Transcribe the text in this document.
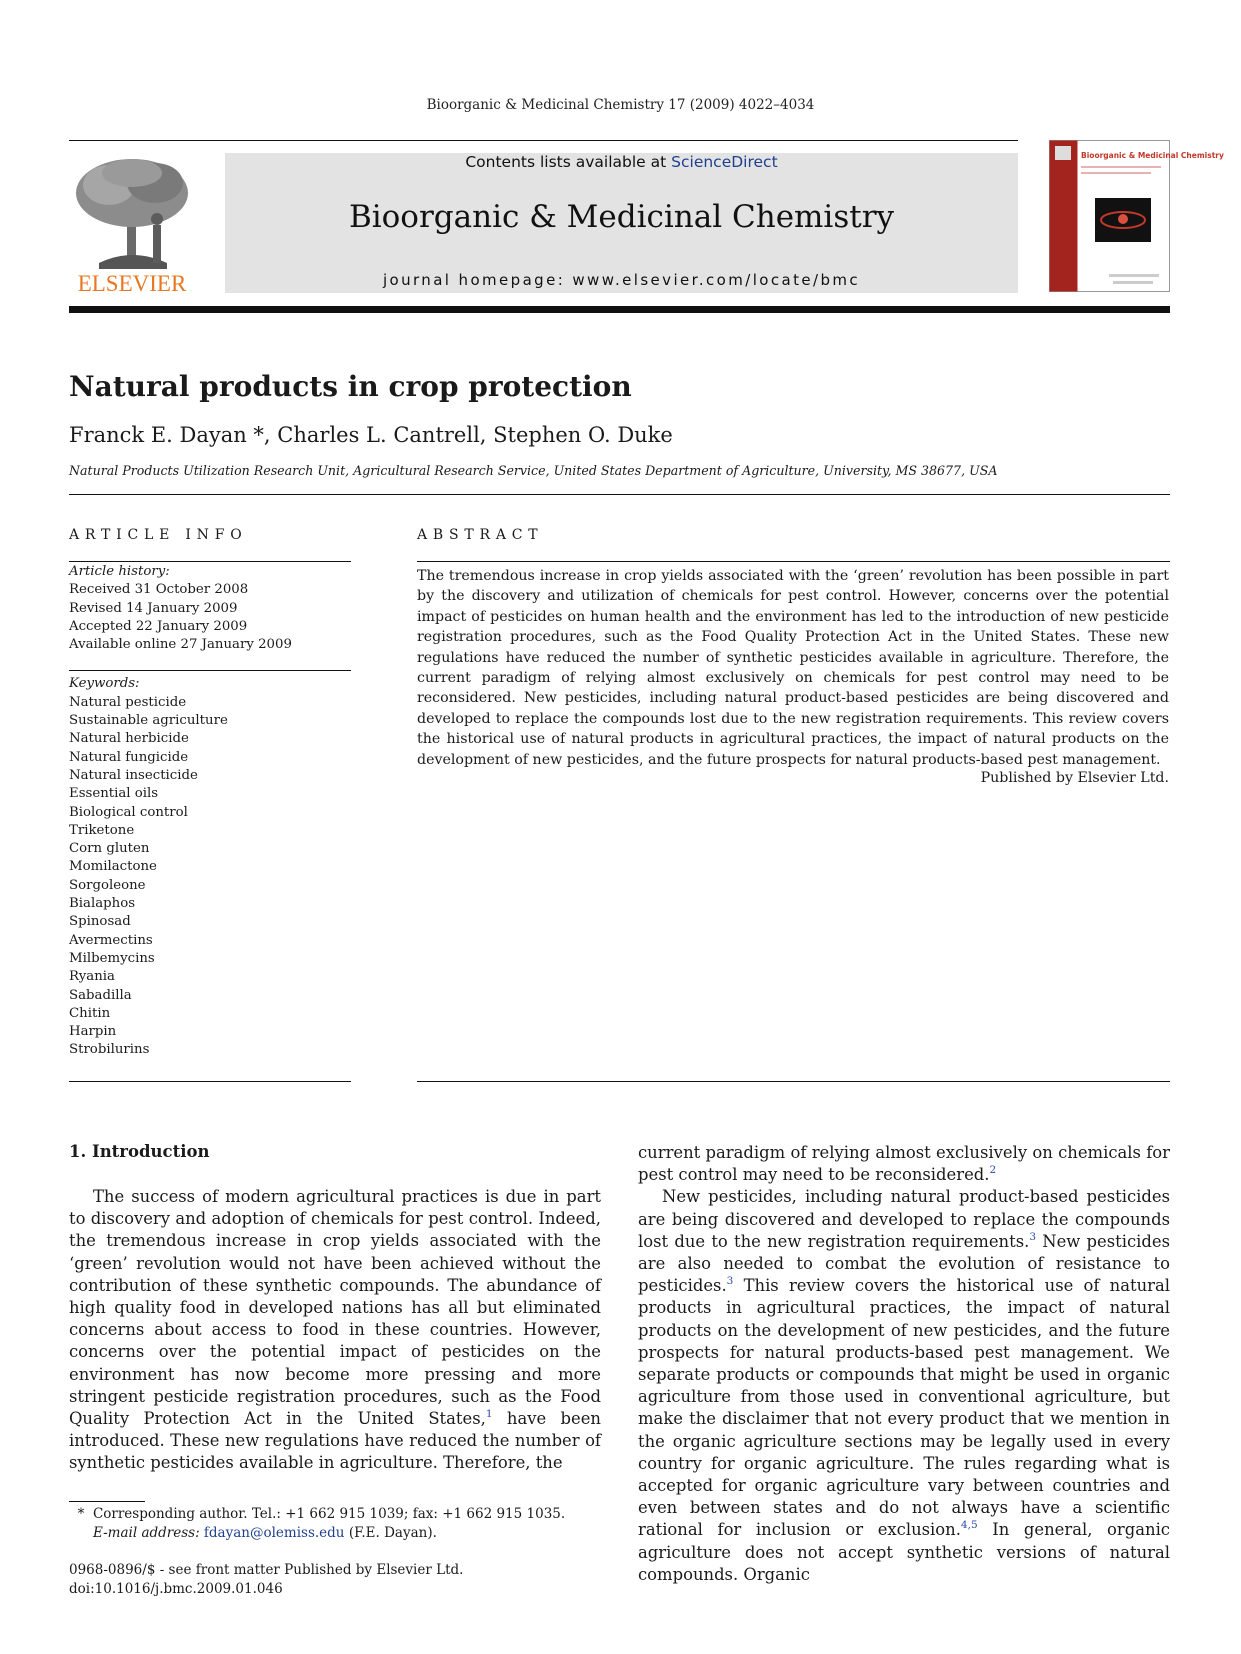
Bioorganic & Medicinal Chemistry 17 (2009) 4022–4034
ELSEVIER
Contents lists available at ScienceDirect
Bioorganic & Medicinal Chemistry
journal homepage: www.elsevier.com/locate/bmc
Bioorganic & Medicinal Chemistry
Natural products in crop protection
Franck E. Dayan *, Charles L. Cantrell, Stephen O. Duke
Natural Products Utilization Research Unit, Agricultural Research Service, United States Department of Agriculture, University, MS 38677, USA
ARTICLE INFO
Article history:
Received 31 October 2008
Revised 14 January 2009
Accepted 22 January 2009
Available online 27 January 2009
Keywords:
Natural pesticide
Sustainable agriculture
Natural herbicide
Natural fungicide
Natural insecticide
Essential oils
Biological control
Triketone
Corn gluten
Momilactone
Sorgoleone
Bialaphos
Spinosad
Avermectins
Milbemycins
Ryania
Sabadilla
Chitin
Harpin
Strobilurins
ABSTRACT
The tremendous increase in crop yields associated with the ‘green’ revolution has been possible in part by the discovery and utilization of chemicals for pest control. However, concerns over the potential impact of pesticides on human health and the environment has led to the introduction of new pesticide registration procedures, such as the Food Quality Protection Act in the United States. These new regulations have reduced the number of synthetic pesticides available in agriculture. Therefore, the current paradigm of relying almost exclusively on chemicals for pest control may need to be reconsidered. New pesticides, including natural product-based pesticides are being discovered and developed to replace the compounds lost due to the new registration requirements. This review covers the historical use of natural products in agricultural practices, the impact of natural products on the development of new pesticides, and the future prospects for natural products-based pest management.
Published by Elsevier Ltd.
1. Introduction

The success of modern agricultural practices is due in part to discovery and adoption of chemicals for pest control. Indeed, the tremendous increase in crop yields associated with the ‘green’ revolution would not have been achieved without the contribution of these synthetic compounds. The abundance of high quality food in developed nations has all but eliminated concerns about access to food in these countries. However, concerns over the potential impact of pesticides on the environment has now become more pressing and more stringent pesticide registration procedures, such as the Food Quality Protection Act in the United States,$^1$ have been introduced. These new regulations have reduced the number of synthetic pesticides available in agriculture. Therefore, the

current paradigm of relying almost exclusively on chemicals for pest control may need to be reconsidered.$^2$

New pesticides, including natural product-based pesticides are being discovered and developed to replace the compounds lost due to the new registration requirements.$^3$ New pesticides are also needed to combat the evolution of resistance to pesticides.$^3$ This review covers the historical use of natural products in agricultural practices, the impact of natural products on the development of new pesticides, and the future prospects for natural products-based pest management. We separate products or compounds that might be used in organic agriculture from those used in conventional agriculture, but make the disclaimer that not every product that we mention in the organic agriculture sections may be legally used in every country for organic agriculture. The rules regarding what is accepted for organic agriculture vary between countries and even between states and do not always have a scientific rational for inclusion or exclusion.$^{4,5}$ In general, organic agriculture does not accept synthetic versions of natural compounds. Organic

* Corresponding author. Tel.: +1 662 915 1039; fax: +1 662 915 1035.
E-mail address: fdayan@olemiss.edu (F.E. Dayan).
0968-0896/$ - see front matter Published by Elsevier Ltd.
doi:10.1016/j.bmc.2009.01.046
